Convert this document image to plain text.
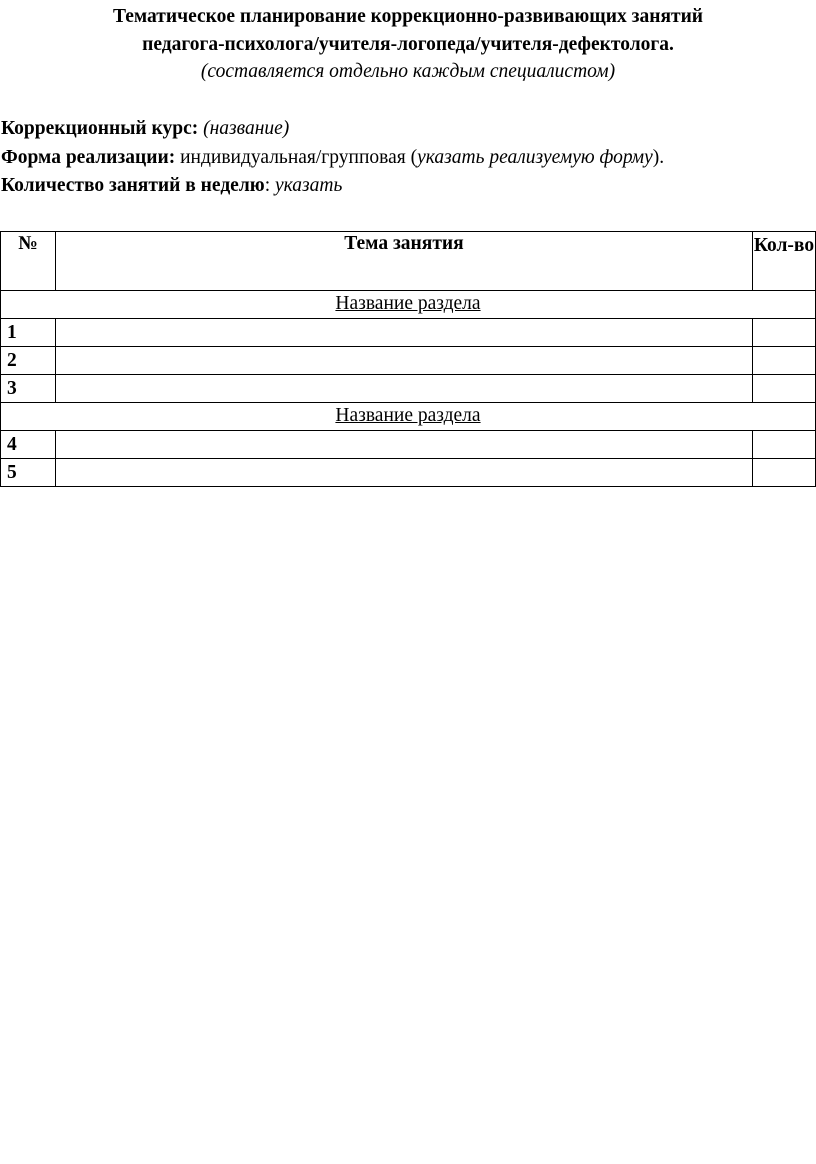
Тематическое планирование коррекционно-развивающих занятий
педагога-психолога/учителя-логопеда/учителя-дефектолога.
(составляется отдельно каждым специалистом)
Коррекционный курс: (название)
Форма реализации: индивидуальная/групповая (указать реализуемую форму).
Количество занятий в неделю: указать
№	Тема занятия	Кол-во
Название раздела		
1		
2		
3		
Название раздела		
4		
5		
